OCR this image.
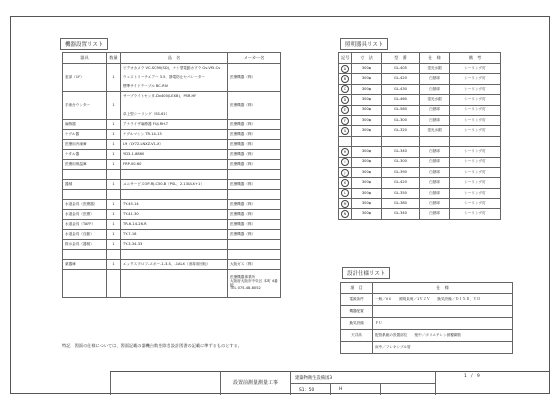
機器設置リスト
器具	数量	品　名	メーカー名
窓部（1F）	1	ビデオカメラ VC-SC90(SD)、ナシ型電動カプラ Gv-Vf5-Cs
ウェストリーチエアー 3.5、静電防止セパレーター
標準サイドテーブル BC-RIV	医療機器（株）
手術台ウンター	1	サーブライトセンタ-Dx400(LEXB)、PSR-HF
卓上型シーリング（SS-61）	医療機器（株）
麻酔器	1	アナライザ麻酔器 FUJ-RH-T	医療機器（株）
ナグル器	1	ナグルマシン TR-14-13	医療機器（株）
医療用冷凍庫	1	L9（LY72-LNXZ-V1-X）	医療機器（株）
ナタル器	1	YD3-1-8860	医療機器（株）
医療用保温庫	1	FRP-00-60	医療機器（株）

器械	1	ユニサービスOP-RJ-C50-B（PSL、2.13ULX+1）	医療機器（株）

水道金具（医療器）	1	TY-45-14	医療機器（株）
水道金具（医療）	1	TY-41-30	医療機器（株）
水道金具（TAFF）	1	TR-6-14-26-R	医療機器（株）
水道金具（自動）	1	TY-7-16	医療機器（株）
排水金具（器械）	1	TY-3-34-33	

薬器庫	1	エックスプロフ-エポー-1-3-S、-1ALX（消毒用回転）	大阪ガス（株）

	医療機器事業所
大阪府大阪市中央区 本町 4番地
TEL 075-48-8052
照明器具リスト
記号	寸　法	型　番	仕　様	備　考
A	300φ	GL-405	蛍光水銀	シーリング灯
B	300φ	GL-420	白熱球	シーリング灯
C	300φ	GL-430	白熱球	シーリング灯
D	300φ	GL-460	蛍光水銀	シーリング灯
E	300φ	GL-580	白熱球	シーリング灯
F	300φ	GL-300	白熱球	シーリング灯
G	300φ	GL-320	蛍光水銀	シーリング灯

H	300φ	GL-340	白熱球	シーリング灯
I	300φ	GL-300	白熱球	シーリング灯
J	300φ	GL-390	白熱球	シーリング灯
K	300φ	GL-420	白熱球	シーリング灯
L	300φ	GL-350	白熱球	シーリング灯
M	300φ	GL-380	白熱球	シーリング灯
N	300φ	GL-340	白熱球	シーリング灯
設計仕様リスト
項　 目	仕　様
電源条件	一般／V６　　照明負荷／1Ｖ２Ｖ　　換気設備／ＤＩＸＤ、ＶＤ
機器配置	
換気設備	ＦＵ
天井高	配管系統の設置部位　　壁中／ポリエチレン被覆鋼管
	床中／フレキシブル管
特記　図面の仕様については、図面記載の器機台数を除き設計図書の記載に準ずるものとする。
設置前測量測量工事
建築物衛生設備図3
S1：50	H
1 / 9
